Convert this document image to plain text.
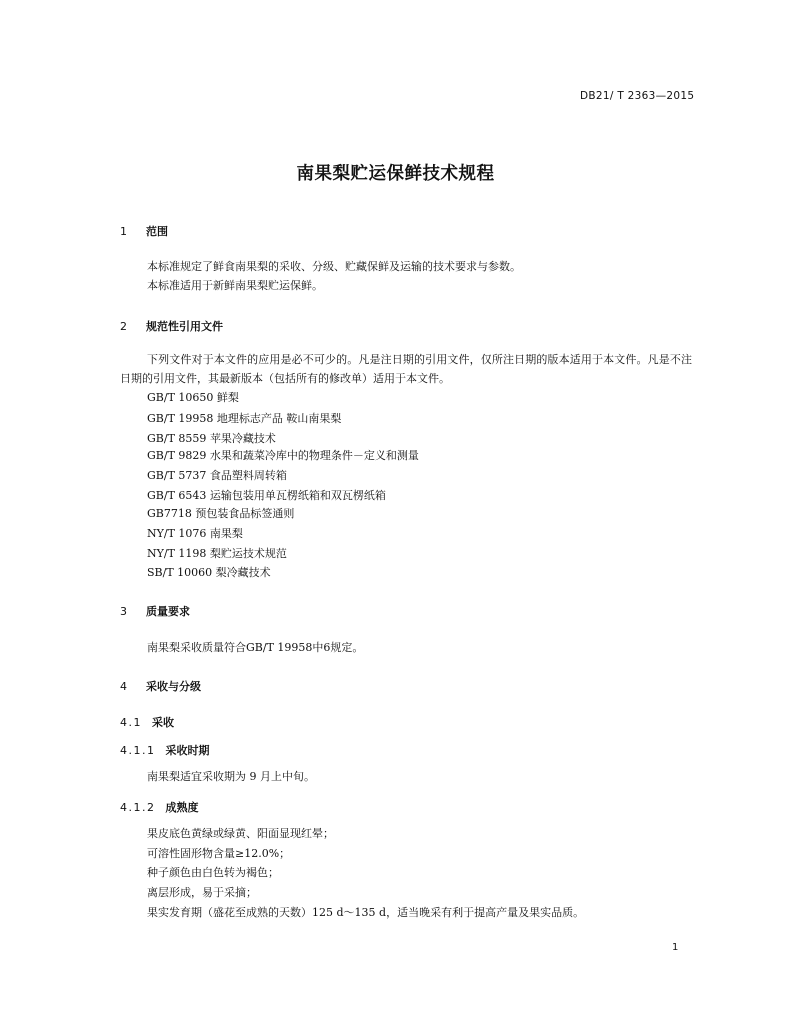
DB21/ T 2363—2015
南果梨贮运保鲜技术规程
1 范围
本标准规定了鲜食南果梨的采收、分级、贮藏保鲜及运输的技术要求与参数。
本标准适用于新鲜南果梨贮运保鲜。
2 规范性引用文件
下列文件对于本文件的应用是必不可少的。凡是注日期的引用文件，仅所注日期的版本适用于本文件。凡是不注日期的引用文件，其最新版本（包括所有的修改单）适用于本文件。
GB/T 10650 鲜梨
GB/T 19958 地理标志产品 鞍山南果梨
GB/T 8559 苹果冷藏技术
GB/T 9829 水果和蔬菜冷库中的物理条件－定义和测量
GB/T 5737 食品塑料周转箱
GB/T 6543 运输包装用单瓦楞纸箱和双瓦楞纸箱
GB7718 预包装食品标签通则
NY/T 1076 南果梨
NY/T 1198 梨贮运技术规范
SB/T 10060 梨冷藏技术
3 质量要求
南果梨采收质量符合GB/T 19958中6规定。
4 采收与分级
4.1 采收
4.1.1 采收时期
南果梨适宜采收期为 9 月上中旬。
4.1.2 成熟度
果皮底色黄绿或绿黄、阳面显现红晕；
可溶性固形物含量≥12.0%；
种子颜色由白色转为褐色；
离层形成，易于采摘；
果实发育期（盛花至成熟的天数）125 d～135 d，适当晚采有利于提高产量及果实品质。
1
